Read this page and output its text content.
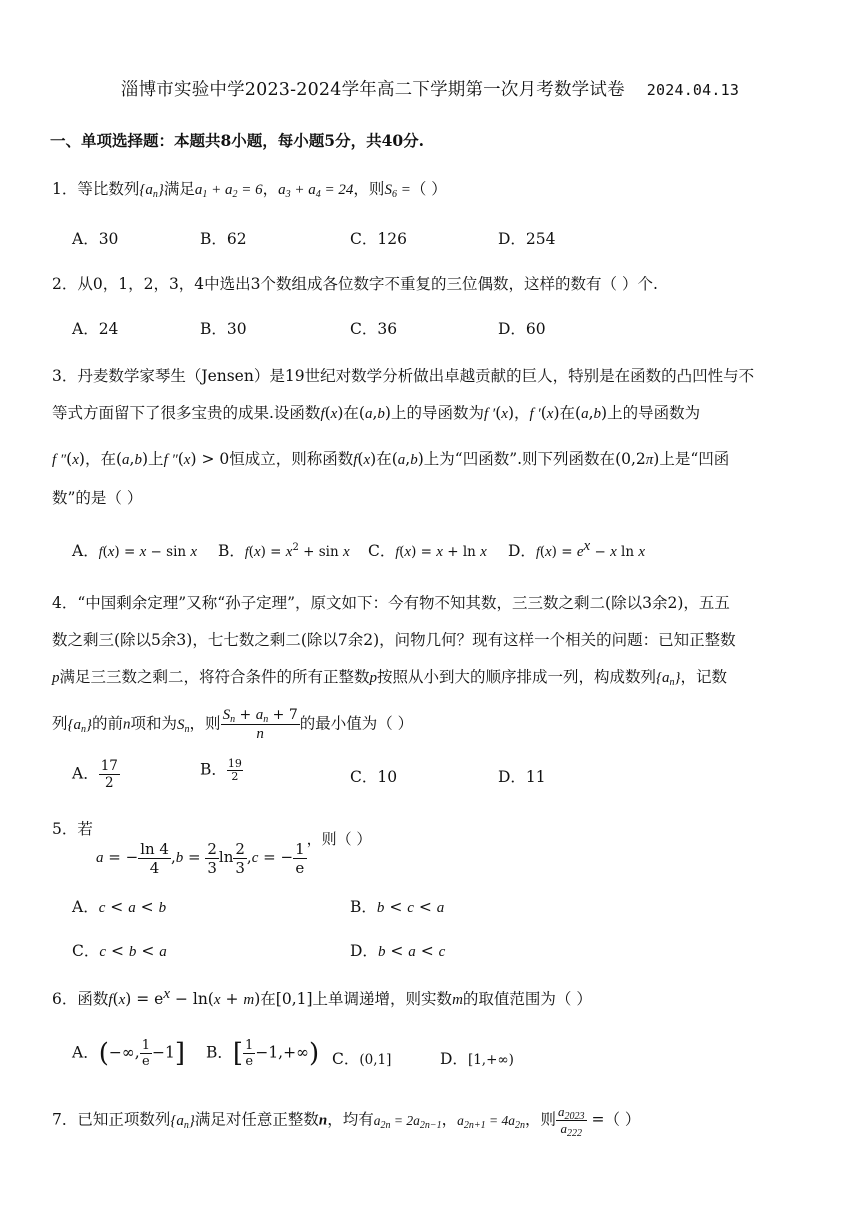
淄博市实验中学2023-2024学年高二下学期第一次月考数学试卷 2024.04.13
一、单项选择题：本题共8小题，每小题5分，共40分.
1．等比数列$\{a_n\}$满足$a_1 + a_2 = 6$，$a_3 + a_4 = 24$，则$S_6$ =（ ）
A．30	B．62	C．126	D．254
2．从0，1，2，3，4中选出3个数组成各位数字不重复的三位偶数，这样的数有（ ）个.
A．24	B．30	C．36	D．60
3．丹麦数学家琴生（Jensen）是19世纪对数学分析做出卓越贡献的巨人，特别是在函数的凸凹性与不
等式方面留下了很多宝贵的成果.设函数f(x)在(a,b)上的导函数为f ′(x)，f ′(x)在(a,b)上的导函数为
f ″(x)，在(a,b)上f ″(x) > 0恒成立，则称函数f(x)在(a,b)上为“凹函数”.则下列函数在(0,2π)上是“凹函
数”的是（ ）
A．f(x) = x − sin x B．$f(x) = x^2 + \sin x$ C．f(x) = x + ln x D．$f(x) = e^x - x$ ln x
4．“中国剩余定理”又称“孙子定理”，原文如下：今有物不知其数，三三数之剩二(除以3余2)，五五
数之剩三(除以5余3)，七七数之剩二(除以7余2)，问物几何？现有这样一个相关的问题：已知正整数
p满足三三数之剩二，将符合条件的所有正整数p按照从小到大的顺序排成一列，构成数列$\{a_n\}$，记数
列$\{a_n\}$的前n项和为$S_n$，则 $\frac{S_n + a_n + 7}{n}$ 的最小值为（ ）
A． $\frac{17}{2}$	B． $\frac{19}{2}$	C．10	D．11
5．若
a = − $\frac{\ln 4}{4} ,b = \frac{2}{3}$ $\ln \frac{2}{3} ,c$ = − $\frac{1}{e}$
，则（ ）
A．c < a < b	B．b < c < a
C．c < b < a	D．b < a < c
6．函数$f(x) = e^x - \ln(x + m)$在[0,1]上单调递增，则实数m的取值范围为（ ）
A．(−∞, $\frac{1}{e} -1$] B．[ $\frac{1}{e} -1,+\infty$) C．(0,1]	D．[1,+∞)
7．已知正项数列$\{a_n\}$满足对任意正整数n，均有$a_{2n} = 2a_{2n-1}$，$a_{2n+1} = 4a_{2n}$，则 $\frac{a_{2023}}{a_{222}}$ =（ ）
